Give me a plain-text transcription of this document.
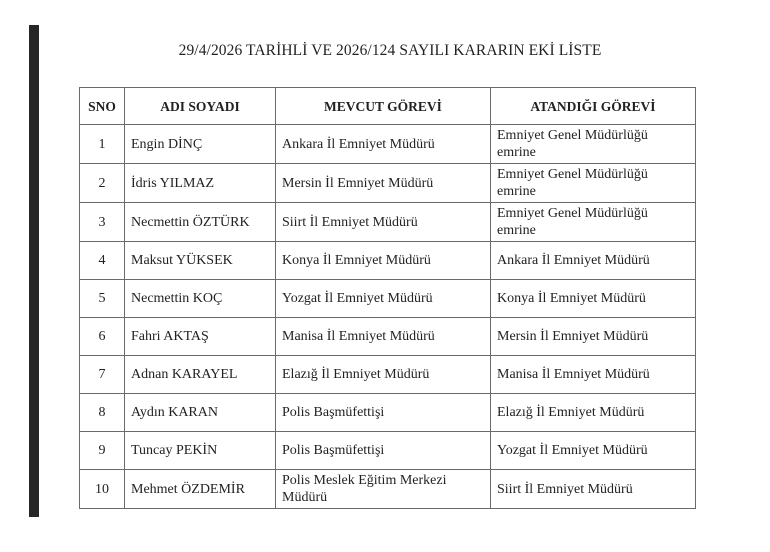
29/4/2026 TARİHLİ VE 2026/124 SAYILI KARARIN EKİ LİSTE
SNO	ADI SOYADI	MEVCUT GÖREVİ	ATANDIĞI GÖREVİ
1	Engin DİNÇ	Ankara İl Emniyet Müdürü	Emniyet Genel Müdürlüğü emrine
2	İdris YILMAZ	Mersin İl Emniyet Müdürü	Emniyet Genel Müdürlüğü emrine
3	Necmettin ÖZTÜRK	Siirt İl Emniyet Müdürü	Emniyet Genel Müdürlüğü emrine
4	Maksut YÜKSEK	Konya İl Emniyet Müdürü	Ankara İl Emniyet Müdürü
5	Necmettin KOÇ	Yozgat İl Emniyet Müdürü	Konya İl Emniyet Müdürü
6	Fahri AKTAŞ	Manisa İl Emniyet Müdürü	Mersin İl Emniyet Müdürü
7	Adnan KARAYEL	Elazığ İl Emniyet Müdürü	Manisa İl Emniyet Müdürü
8	Aydın KARAN	Polis Başmüfettişi	Elazığ İl Emniyet Müdürü
9	Tuncay PEKİN	Polis Başmüfettişi	Yozgat İl Emniyet Müdürü
10	Mehmet ÖZDEMİR	Polis Meslek Eğitim Merkezi Müdürü	Siirt İl Emniyet Müdürü
